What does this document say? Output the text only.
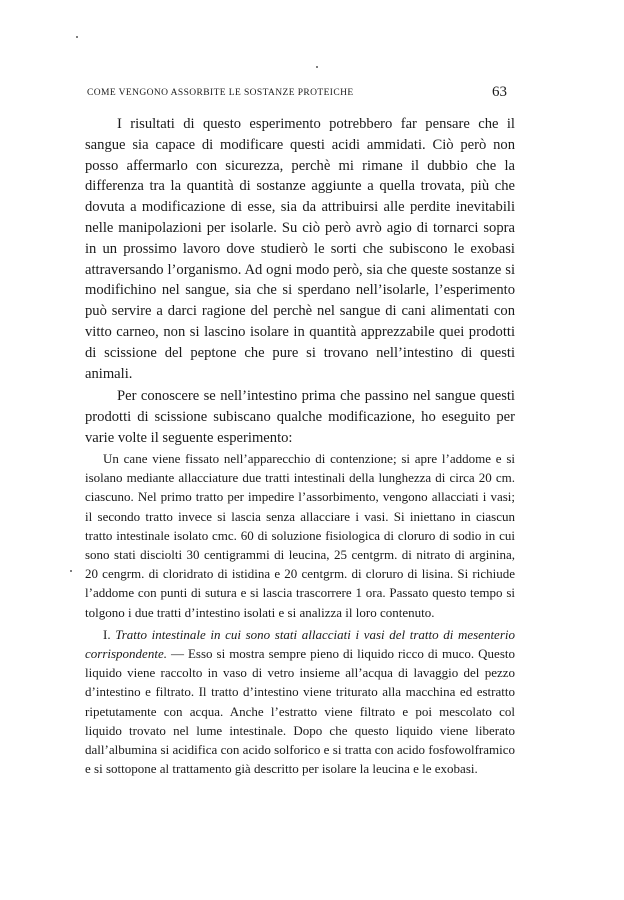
COME VENGONO ASSORBITE LE SOSTANZE PROTEICHE	63

I risultati di questo esperimento potrebbero far pensare che il sangue sia capace di modificare questi acidi ammidati. Ciò però non posso affermarlo con sicurezza, perchè mi rimane il dubbio che la differenza tra la quantità di sostanze aggiunte a quella trovata, più che dovuta a modificazione di esse, sia da attribuirsi alle perdite inevitabili nelle manipolazioni per isolarle. Su ciò però avrò agio di tornarci sopra in un prossimo lavoro dove studierò le sorti che subiscono le exobasi attraversando l’organismo. Ad ogni modo però, sia che queste sostanze si modifichino nel sangue, sia che si sperdano nell’isolarle, l’esperimento può servire a darci ragione del perchè nel sangue di cani alimentati con vitto carneo, non si lascino isolare in quantità apprezzabile quei prodotti di scissione del peptone che pure si trovano nell’intestino di questi animali.

Per conoscere se nell’intestino prima che passino nel sangue questi prodotti di scissione subiscano qualche modificazione, ho eseguito per varie volte il seguente esperimento:

Un cane viene fissato nell’apparecchio di contenzione; si apre l’addome e si isolano mediante allacciature due tratti intestinali della lunghezza di circa 20 cm. ciascuno. Nel primo tratto per impedire l’assorbimento, vengono allacciati i vasi; il secondo tratto invece si lascia senza allacciare i vasi. Si iniettano in ciascun tratto intestinale isolato cmc. 60 di soluzione fisiologica di cloruro di sodio in cui sono stati disciolti 30 centigrammi di leucina, 25 centgrm. di nitrato di arginina, 20 cengrm. di cloridrato di istidina e 20 centgrm. di cloruro di lisina. Si richiude l’addome con punti di sutura e si lascia trascorrere 1 ora. Passato questo tempo si tolgono i due tratti d’intestino isolati e si analizza il loro contenuto.

I. Tratto intestinale in cui sono stati allacciati i vasi del tratto di mesenterio corrispondente. — Esso si mostra sempre pieno di liquido ricco di muco. Questo liquido viene raccolto in vaso di vetro insieme all’acqua di lavaggio del pezzo d’intestino e filtrato. Il tratto d’intestino viene triturato alla macchina ed estratto ripetutamente con acqua. Anche l’estratto viene filtrato e poi mescolato col liquido trovato nel lume intestinale. Dopo che questo liquido viene liberato dall’albumina si acidifica con acido solforico e si tratta con acido fosfowolframico e si sottopone al trattamento già descritto per isolare la leucina e le exobasi.
